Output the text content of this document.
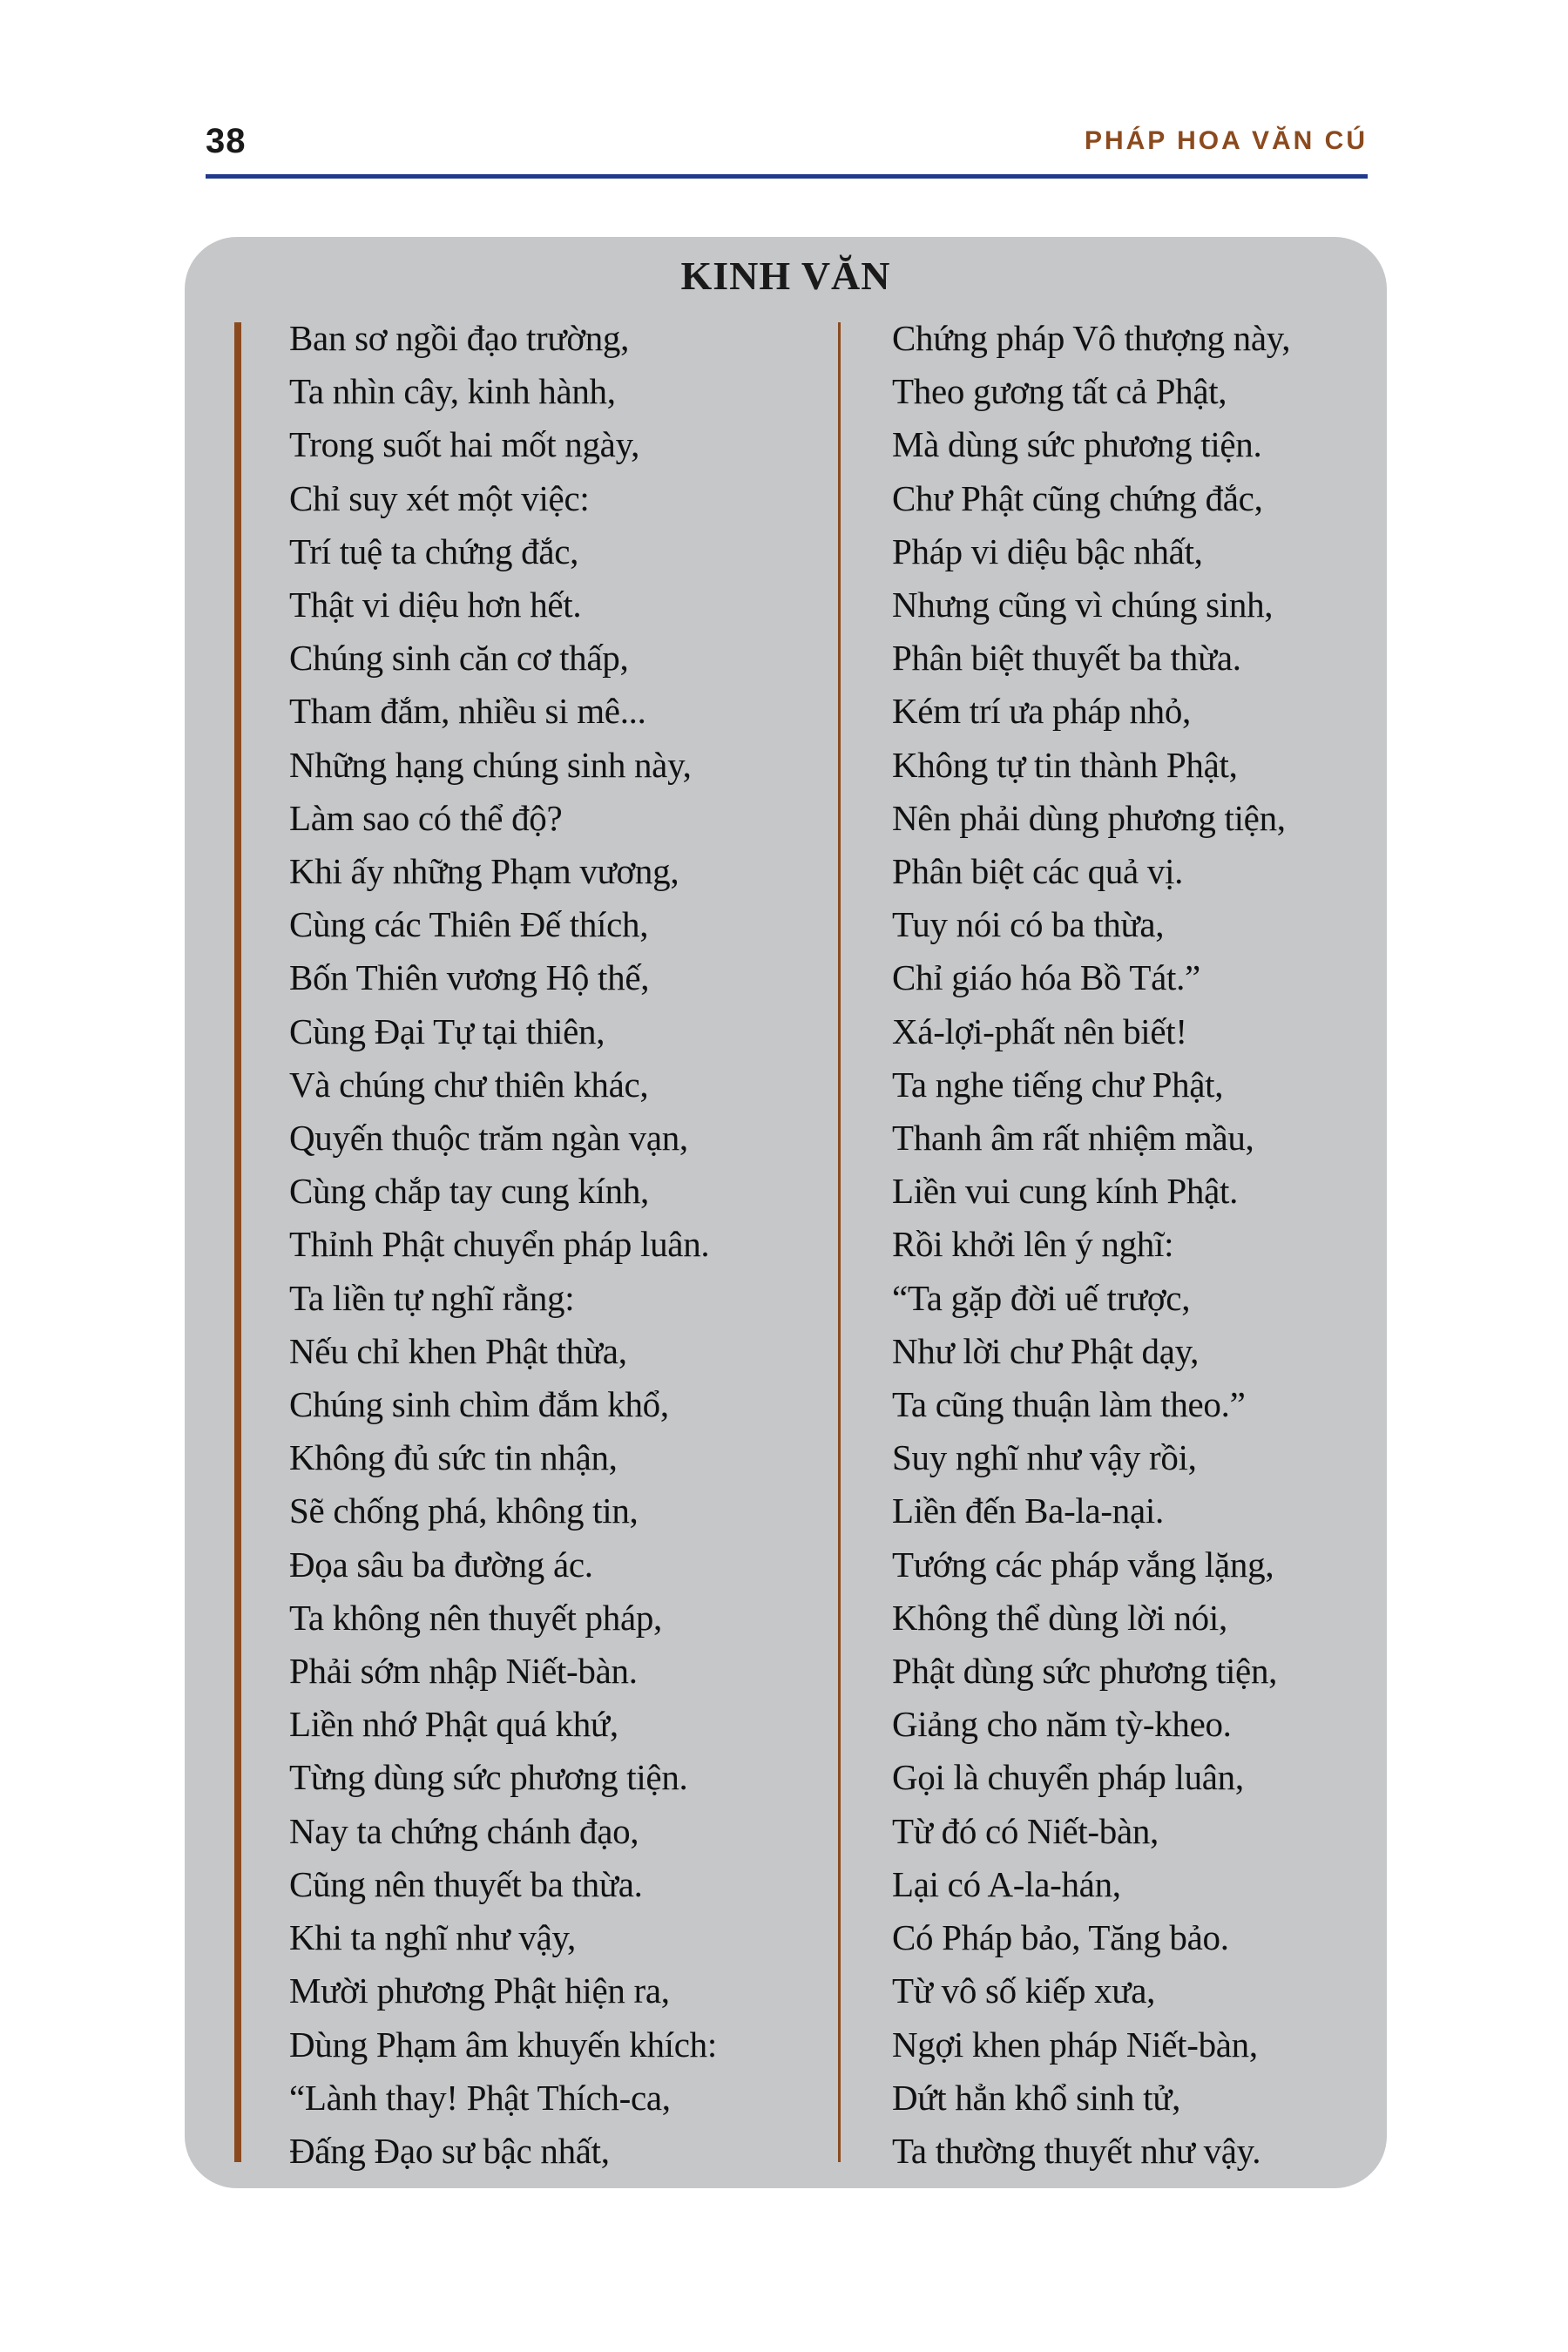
38	PHÁP HOA VĂN CÚ
KINH VĂN
Ban sơ ngồi đạo trường,
Ta nhìn cây, kinh hành,
Trong suốt hai mốt ngày,
Chỉ suy xét một việc:
Trí tuệ ta chứng đắc,
Thật vi diệu hơn hết.
Chúng sinh căn cơ thấp,
Tham đắm, nhiều si mê...
Những hạng chúng sinh này,
Làm sao có thể độ?
Khi ấy những Phạm vương,
Cùng các Thiên Đế thích,
Bốn Thiên vương Hộ thế,
Cùng Đại Tự tại thiên,
Và chúng chư thiên khác,
Quyến thuộc trăm ngàn vạn,
Cùng chắp tay cung kính,
Thỉnh Phật chuyển pháp luân.
Ta liền tự nghĩ rằng:
Nếu chỉ khen Phật thừa,
Chúng sinh chìm đắm khổ,
Không đủ sức tin nhận,
Sẽ chống phá, không tin,
Đọa sâu ba đường ác.
Ta không nên thuyết pháp,
Phải sớm nhập Niết-bàn.
Liền nhớ Phật quá khứ,
Từng dùng sức phương tiện.
Nay ta chứng chánh đạo,
Cũng nên thuyết ba thừa.
Khi ta nghĩ như vậy,
Mười phương Phật hiện ra,
Dùng Phạm âm khuyến khích:
“Lành thay! Phật Thích-ca,
Đấng Đạo sư bậc nhất,
Chứng pháp Vô thượng này,
Theo gương tất cả Phật,
Mà dùng sức phương tiện.
Chư Phật cũng chứng đắc,
Pháp vi diệu bậc nhất,
Nhưng cũng vì chúng sinh,
Phân biệt thuyết ba thừa.
Kém trí ưa pháp nhỏ,
Không tự tin thành Phật,
Nên phải dùng phương tiện,
Phân biệt các quả vị.
Tuy nói có ba thừa,
Chỉ giáo hóa Bồ Tát.”
Xá-lợi-phất nên biết!
Ta nghe tiếng chư Phật,
Thanh âm rất nhiệm mầu,
Liền vui cung kính Phật.
Rồi khởi lên ý nghĩ:
“Ta gặp đời uế trược,
Như lời chư Phật dạy,
Ta cũng thuận làm theo.”
Suy nghĩ như vậy rồi,
Liền đến Ba-la-nại.
Tướng các pháp vắng lặng,
Không thể dùng lời nói,
Phật dùng sức phương tiện,
Giảng cho năm tỳ-kheo.
Gọi là chuyển pháp luân,
Từ đó có Niết-bàn,
Lại có A-la-hán,
Có Pháp bảo, Tăng bảo.
Từ vô số kiếp xưa,
Ngợi khen pháp Niết-bàn,
Dứt hẳn khổ sinh tử,
Ta thường thuyết như vậy.
